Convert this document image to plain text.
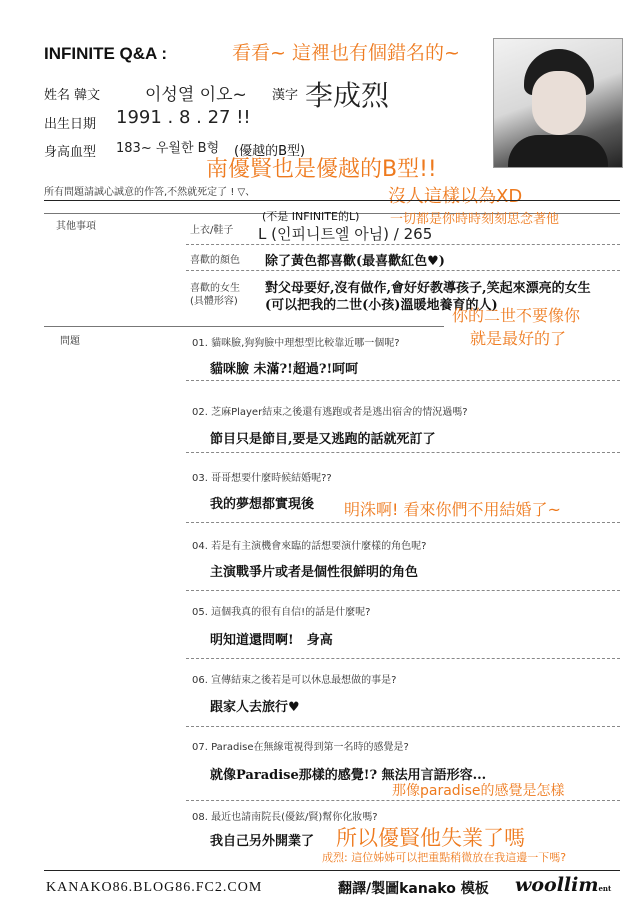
INFINITE Q&A :	看看~ 這裡也有個錯名的~
姓名 韓文	이성열 이오~ 漢字 李成烈
出生日期 1991 . 8 . 27 !!
身高血型 183~ 우월한 B형 (優越的B型)
南優賢也是優越的B型!!
所有問題請誠心誠意的作答,不然就死定了 ! ▽、	沒人這樣以為XD
其他事項	一切都是你時時刻刻思念著他
上衣/鞋子
(不是 INFINITE的L)
L (인피니트엘 아님) / 265
喜歡的顏色 除了黃色都喜歡(最喜歡紅色♥)
喜歡的女生
(具體形容)
對父母要好,沒有做作,會好好教導孩子,笑起來漂亮的女生
(可以把我的二世(小孩)溫暖地養育的人)
你的二世不要像你
就是最好的了
問題	01. 貓咪臉,狗狗臉中理想型比較靠近哪一個呢?
貓咪臉 未滿?!超過?!呵呵
02. 芝麻Player結束之後還有逃跑或者是逃出宿舍的情況過嗎?
節目只是節目,要是又逃跑的話就死訂了
03. 哥哥想要什麼時候結婚呢??
我的夢想都實現後 明洙啊! 看來你們不用結婚了~
04. 若是有主演機會來臨的話想要演什麼樣的角色呢?
主演戰爭片或者是個性很鮮明的角色
05. 這個我真的很有自信!的話是什麼呢?
明知道還問啊!　身高
06. 宣傳結束之後若是可以休息最想做的事是?
跟家人去旅行♥
07. Paradise在無線電視得到第一名時的感覺是?
就像Paradise那樣的感覺!? 無法用言語形容...
那像paradise的感覺是怎樣
08. 最近也請南院長(優鉉/賢)幫你化妝嗎?
我自己另外開業了 所以優賢他失業了嗎
成烈: 這位姊姊可以把重點稍微放在我這邊一下嗎?
KANAKO86.BLOG86.FC2.COM	翻譯/製圖kanako 模板 woolliment
